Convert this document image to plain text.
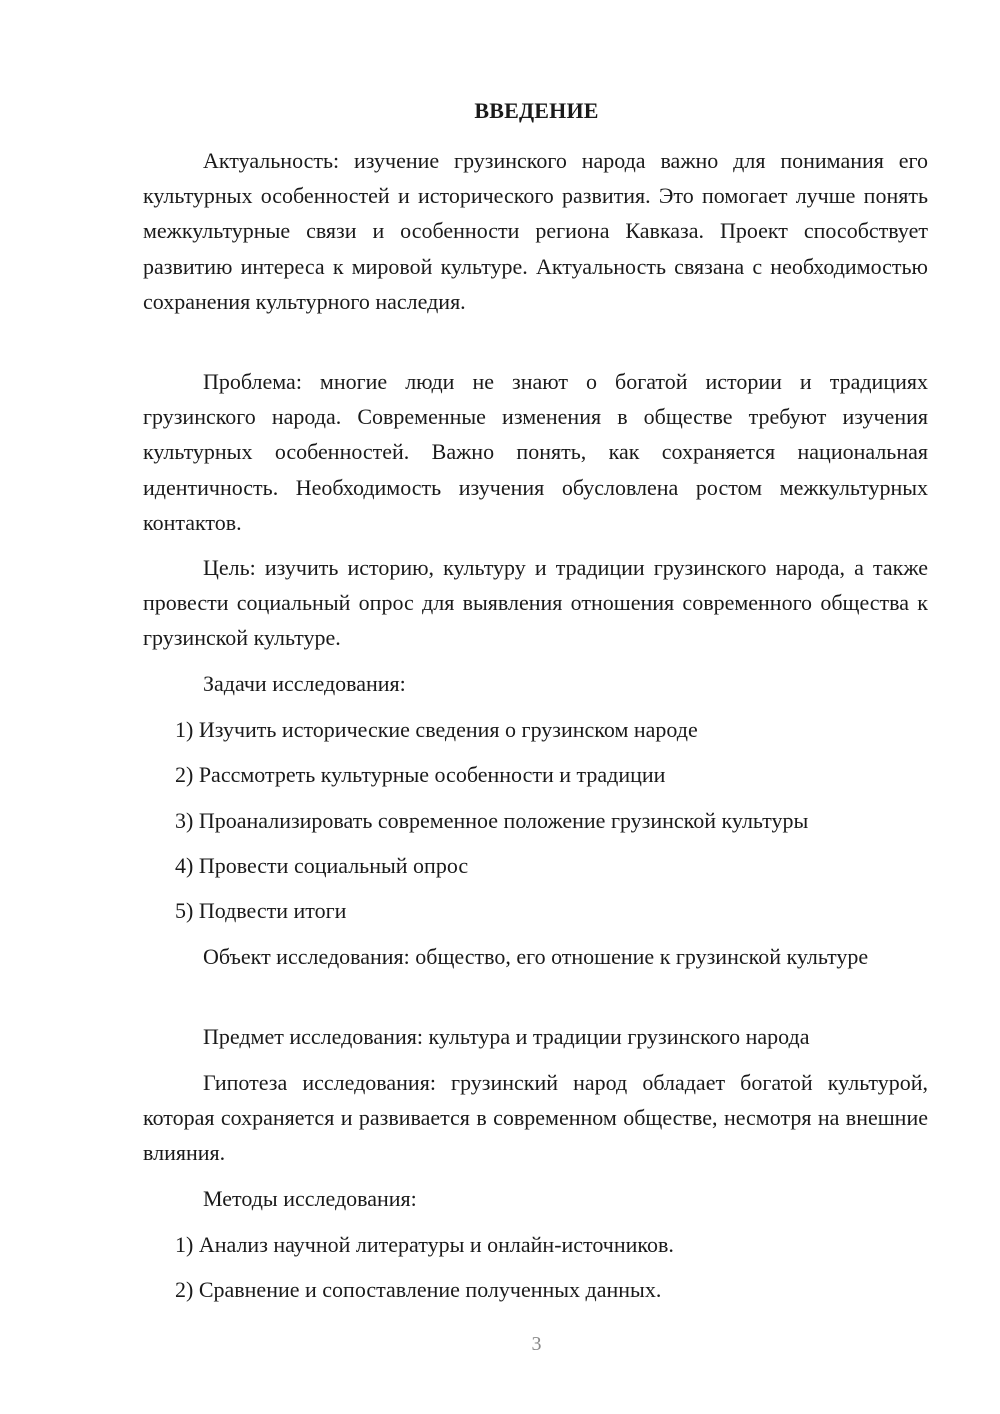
ВВЕДЕНИЕ

Актуальность: изучение грузинского народа важно для понимания его культурных особенностей и исторического развития. Это помогает лучше понять межкультурные связи и особенности региона Кавказа. Проект способствует развитию интереса к мировой культуре. Актуальность связана с необходимостью сохранения культурного наследия.

Проблема: многие люди не знают о богатой истории и традициях грузинского народа. Современные изменения в обществе требуют изучения культурных особенностей. Важно понять, как сохраняется национальная идентичность. Необходимость изучения обусловлена ростом межкультурных контактов.

Цель: изучить историю, культуру и традиции грузинского народа, а также провести социальный опрос для выявления отношения современного общества к грузинской культуре.

Задачи исследования:

1) Изучить исторические сведения о грузинском народе

2) Рассмотреть культурные особенности и традиции

3) Проанализировать современное положение грузинской культуры

4) Провести социальный опрос

5) Подвести итоги

Объект исследования: общество, его отношение к грузинской культуре

Предмет исследования: культура и традиции грузинского народа

Гипотеза исследования: грузинский народ обладает богатой культурой, которая сохраняется и развивается в современном обществе, несмотря на внешние влияния.

Методы исследования:

1) Анализ научной литературы и онлайн-источников.

2) Сравнение и сопоставление полученных данных.

3
